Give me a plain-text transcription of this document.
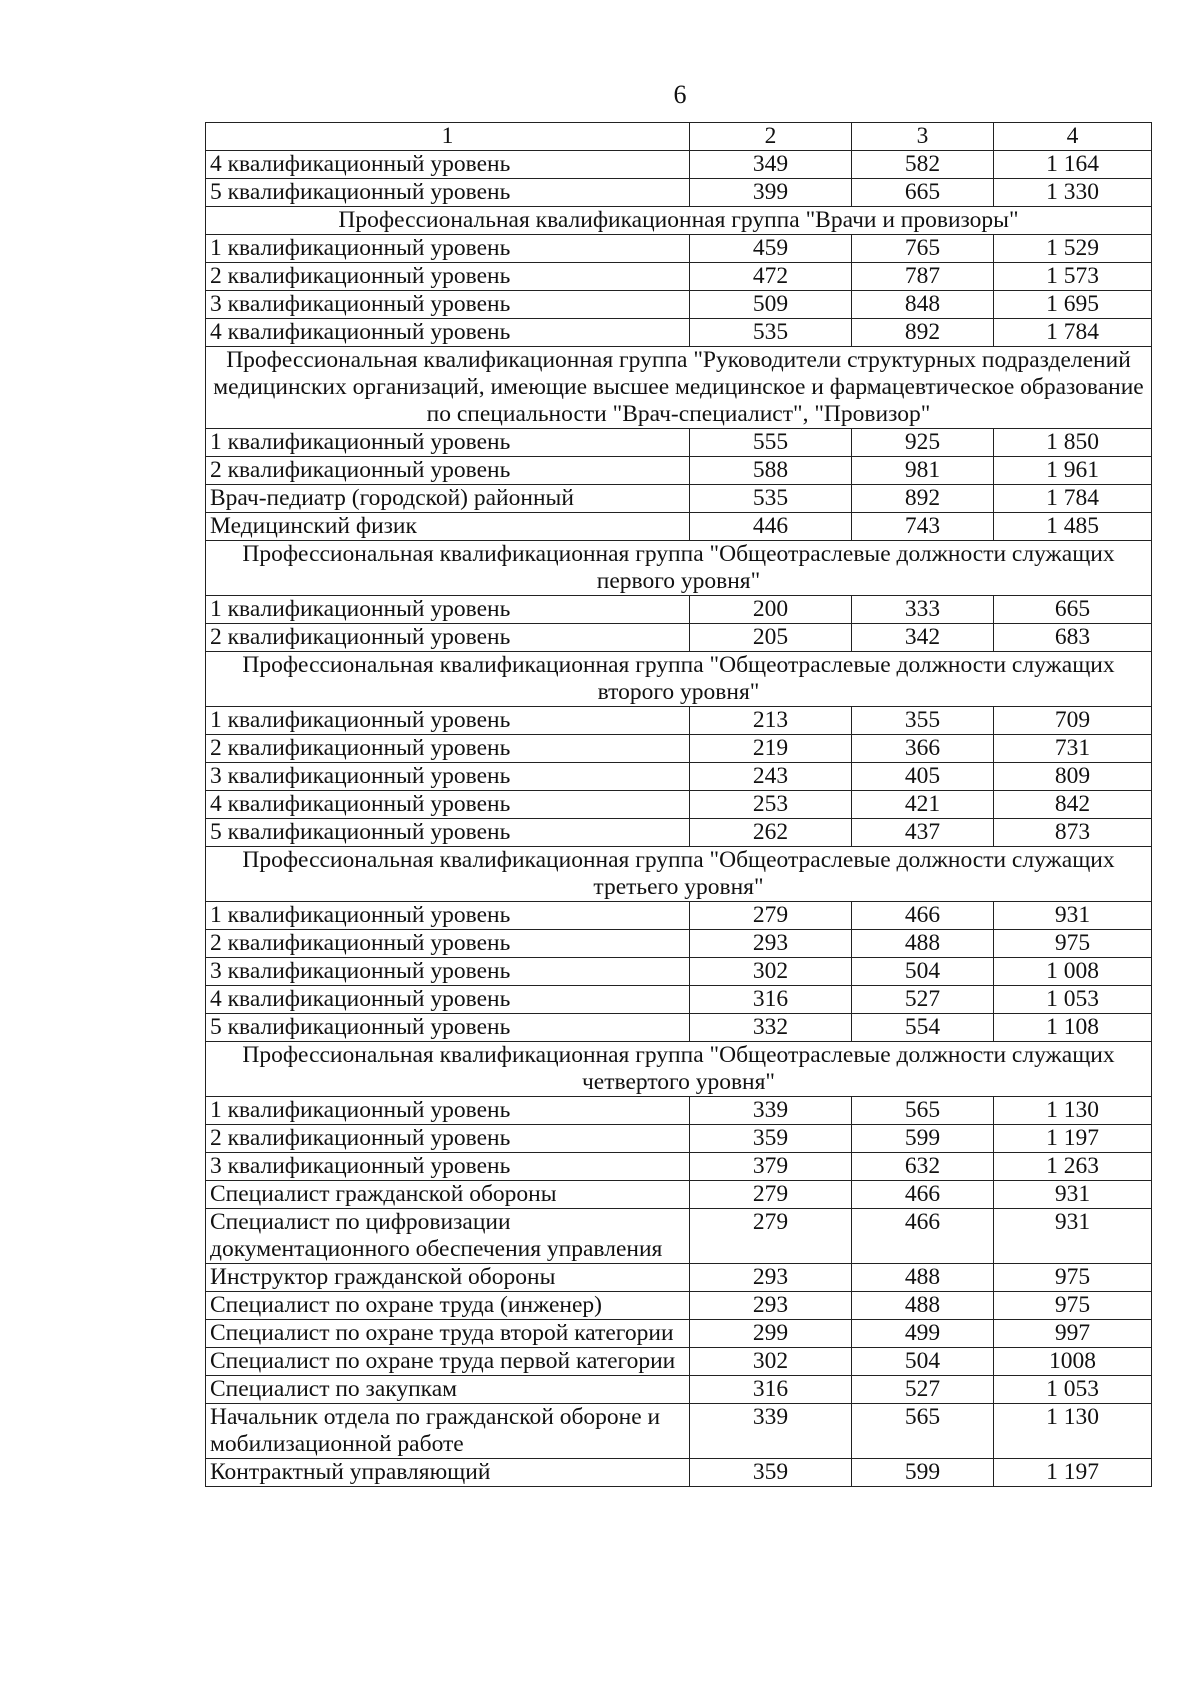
6
1	2	3	4
4 квалификационный уровень	349	582	1 164
5 квалификационный уровень	399	665	1 330
Профессиональная квалификационная группа "Врачи и провизоры"			
1 квалификационный уровень	459	765	1 529
2 квалификационный уровень	472	787	1 573
3 квалификационный уровень	509	848	1 695
4 квалификационный уровень	535	892	1 784
Профессиональная квалификационная группа "Руководители структурных подразделений медицинских организаций, имеющие высшее медицинское и фармацевтическое образование по специальности "Врач-специалист", "Провизор"			
1 квалификационный уровень	555	925	1 850
2 квалификационный уровень	588	981	1 961
Врач-педиатр (городской) районный	535	892	1 784
Медицинский физик	446	743	1 485
Профессиональная квалификационная группа "Общеотраслевые должности служащих первого уровня"			
1 квалификационный уровень	200	333	665
2 квалификационный уровень	205	342	683
Профессиональная квалификационная группа "Общеотраслевые должности служащих второго уровня"			
1 квалификационный уровень	213	355	709
2 квалификационный уровень	219	366	731
3 квалификационный уровень	243	405	809
4 квалификационный уровень	253	421	842
5 квалификационный уровень	262	437	873
Профессиональная квалификационная группа "Общеотраслевые должности служащих третьего уровня"			
1 квалификационный уровень	279	466	931
2 квалификационный уровень	293	488	975
3 квалификационный уровень	302	504	1 008
4 квалификационный уровень	316	527	1 053
5 квалификационный уровень	332	554	1 108
Профессиональная квалификационная группа "Общеотраслевые должности служащих четвертого уровня"			
1 квалификационный уровень	339	565	1 130
2 квалификационный уровень	359	599	1 197
3 квалификационный уровень	379	632	1 263
Специалист гражданской обороны	279	466	931
Специалист по цифровизации документационного обеспечения управления	279	466	931
Инструктор гражданской обороны	293	488	975
Специалист по охране труда (инженер)	293	488	975
Специалист по охране труда второй категории	299	499	997
Специалист по охране труда первой категории	302	504	1008
Специалист по закупкам	316	527	1 053
Начальник отдела по гражданской обороне и мобилизационной работе	339	565	1 130
Контрактный управляющий	359	599	1 197
